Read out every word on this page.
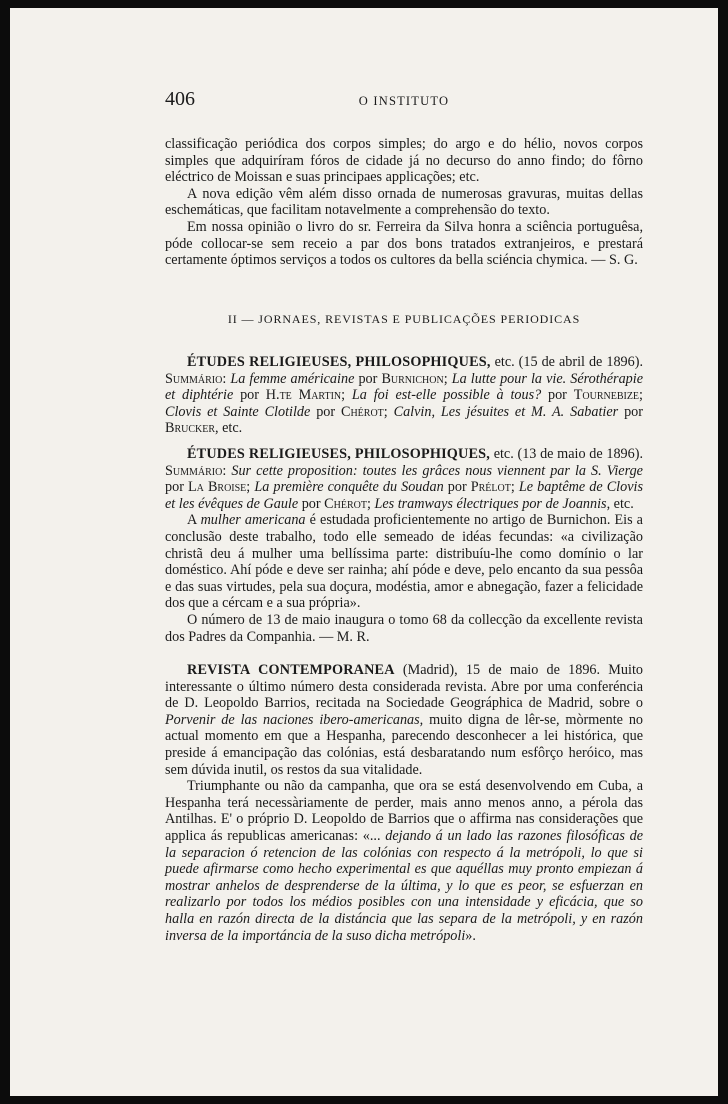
406	O INSTITUTO

classificação periódica dos corpos simples; do argo e do hélio, novos corpos simples que adquiríram fóros de cidade já no decurso do anno findo; do fôrno eléctrico de Moissan e suas principaes applicações; etc.

A nova edição vêm além disso ornada de numerosas gravuras, muitas dellas eschemáticas, que facilitam notavelmente a comprehensão do texto.

Em nossa opinião o livro do sr. Ferreira da Silva honra a sciência portuguêsa, póde collocar-se sem receio a par dos bons tratados extranjeiros, e prestará certamente óptimos serviços a todos os cultores da bella sciéncia chymica. — S. G.

II — JORNAES, REVISTAS E PUBLICAÇÕES PERIODICAS

ÉTUDES RELIGIEUSES, PHILOSOPHIQUES, etc. (15 de abril de 1896). Summário: La femme américaine por Burnichon; La lutte pour la vie. Sérothérapie et diphtérie por H.te Martin; La foi est-elle possible à tous? por Tournebize; Clovis et Sainte Clotilde por Chérot; Calvin, Les jésuites et M. A. Sabatier por Brucker, etc.

ÉTUDES RELIGIEUSES, PHILOSOPHIQUES, etc. (13 de maio de 1896). Summário: Sur cette proposition: toutes les grâces nous viennent par la S. Vierge por La Broise; La première conquête du Soudan por Prélot; Le baptême de Clovis et les évêques de Gaule por Chérot; Les tramways électriques por de Joannis, etc.

A mulher americana é estudada proficientemente no artigo de Burnichon. Eis a conclusão deste trabalho, todo elle semeado de idéas fecundas: «a civilização christã deu á mulher uma bellíssima parte: distribuíu-lhe como domínio o lar doméstico. Ahí póde e deve ser rainha; ahí póde e deve, pelo encanto da sua pessôa e das suas virtudes, pela sua doçura, modéstia, amor e abnegação, fazer a felicidade dos que a cércam e a sua própria».

O número de 13 de maio inaugura o tomo 68 da collecção da excellente revista dos Padres da Companhia. — M. R.

REVISTA CONTEMPORANEA (Madrid), 15 de maio de 1896. Muito interessante o último número desta considerada revista. Abre por uma conferéncia de D. Leopoldo Barrios, recitada na Sociedade Geográphica de Madrid, sobre o Porvenir de las naciones ibero-americanas, muito digna de lêr-se, mòrmente no actual momento em que a Hespanha, parecendo desconhecer a lei histórica, que preside á emancipação das colónias, está desbaratando num esfôrço heróico, mas sem dúvida inutil, os restos da sua vitalidade.

Triumphante ou não da campanha, que ora se está desenvolvendo em Cuba, a Hespanha terá necessàriamente de perder, mais anno menos anno, a pérola das Antilhas. E' o próprio D. Leopoldo de Barrios que o affirma nas considerações que applica ás republicas americanas: «... dejando á un lado las razones filosóficas de la separacion ó retencion de las colónias con respecto á la metrópoli, lo que si puede afirmarse como hecho experimental es que aquéllas muy pronto empiezan á mostrar anhelos de desprenderse de la última, y lo que es peor, se esfuerzan en realizarlo por todos los médios posibles con una intensidade y eficácia, que so halla en razón directa de la distáncia que las separa de la metrópoli, y en razón inversa de la importáncia de la suso dicha metrópoli».
